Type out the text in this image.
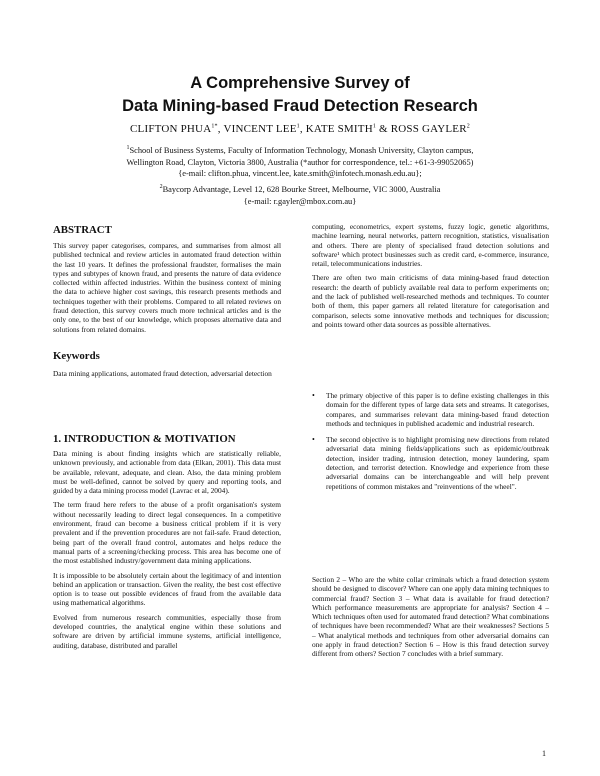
A Comprehensive Survey of
Data Mining-based Fraud Detection Research
CLIFTON $PHUA^{1*}$, VINCENT LEE$^1$, KATE SMITH$^1$ & ROSS GAYLER$^2$
$^1$School of Business Systems, Faculty of Information Technology, Monash University, Clayton campus,
Wellington Road, Clayton, Victoria 3800, Australia (*author for correspondence, tel.: +61-3-99052065)
{e-mail: clifton.phua, vincent.lee, kate.smith@infotech.monash.edu.au};
$^2$Baycorp Advantage, Level 12, 628 Bourke Street, Melbourne, VIC 3000, Australia
{e-mail: r.gayler@mbox.com.au}
ABSTRACT

This survey paper categorises, compares, and summarises from almost all published technical and review articles in automated fraud detection within the last 10 years. It defines the professional fraudster, formalises the main types and subtypes of known fraud, and presents the nature of data evidence collected within affected industries. Within the business context of mining the data to achieve higher cost savings, this research presents methods and techniques together with their problems. Compared to all related reviews on fraud detection, this survey covers much more technical articles and is the only one, to the best of our knowledge, which proposes alternative data and solutions from related domains.

Keywords

Data mining applications, automated fraud detection, adversarial detection

1. INTRODUCTION & MOTIVATION

Data mining is about finding insights which are statistically reliable, unknown previously, and actionable from data (Elkan, 2001). This data must be available, relevant, adequate, and clean. Also, the data mining problem must be well-defined, cannot be solved by query and reporting tools, and guided by a data mining process model (Lavrac et al, 2004).

The term fraud here refers to the abuse of a profit organisation's system without necessarily leading to direct legal consequences. In a competitive environment, fraud can become a business critical problem if it is very prevalent and if the prevention procedures are not fail-safe. Fraud detection, being part of the overall fraud control, automates and helps reduce the manual parts of a screening/checking process. This area has become one of the most established industry/government data mining applications.

It is impossible to be absolutely certain about the legitimacy of and intention behind an application or transaction. Given the reality, the best cost effective option is to tease out possible evidences of fraud from the available data using mathematical algorithms.

Evolved from numerous research communities, especially those from developed countries, the analytical engine within these solutions and software are driven by artificial immune systems, artificial intelligence, auditing, database, distributed and parallel

computing, econometrics, expert systems, fuzzy logic, genetic algorithms, machine learning, neural networks, pattern recognition, statistics, visualisation and others. There are plenty of specialised fraud detection solutions and software¹ which protect businesses such as credit card, e-commerce, insurance, retail, telecommunications industries.

There are often two main criticisms of data mining-based fraud detection research: the dearth of publicly available real data to perform experiments on; and the lack of published well-researched methods and techniques. To counter both of them, this paper garners all related literature for categorisation and comparison, selects some innovative methods and techniques for discussion; and points toward other data sources as possible alternatives.

• The primary objective of this paper is to define existing challenges in this domain for the different types of large data sets and streams. It categorises, compares, and summarises relevant data mining-based fraud detection methods and techniques in published academic and industrial research.
• The second objective is to highlight promising new directions from related adversarial data mining fields/applications such as epidemic/outbreak detection, insider trading, intrusion detection, money laundering, spam detection, and terrorist detection. Knowledge and experience from these adversarial domains can be interchangeable and will help prevent repetitions of common mistakes and "reinventions of the wheel".

Section 2 – Who are the white collar criminals which a fraud detection system should be designed to discover? Where can one apply data mining techniques to commercial fraud? Section 3 – What data is available for fraud detection? Which performance measurements are appropriate for analysis? Section 4 – Which techniques often used for automated fraud detection? What combinations of techniques have been recommended? What are their weaknesses? Sections 5 – What analytical methods and techniques from other adversarial domains can one apply in fraud detection? Section 6 – How is this fraud detection survey different from others? Section 7 concludes with a brief summary.

1
